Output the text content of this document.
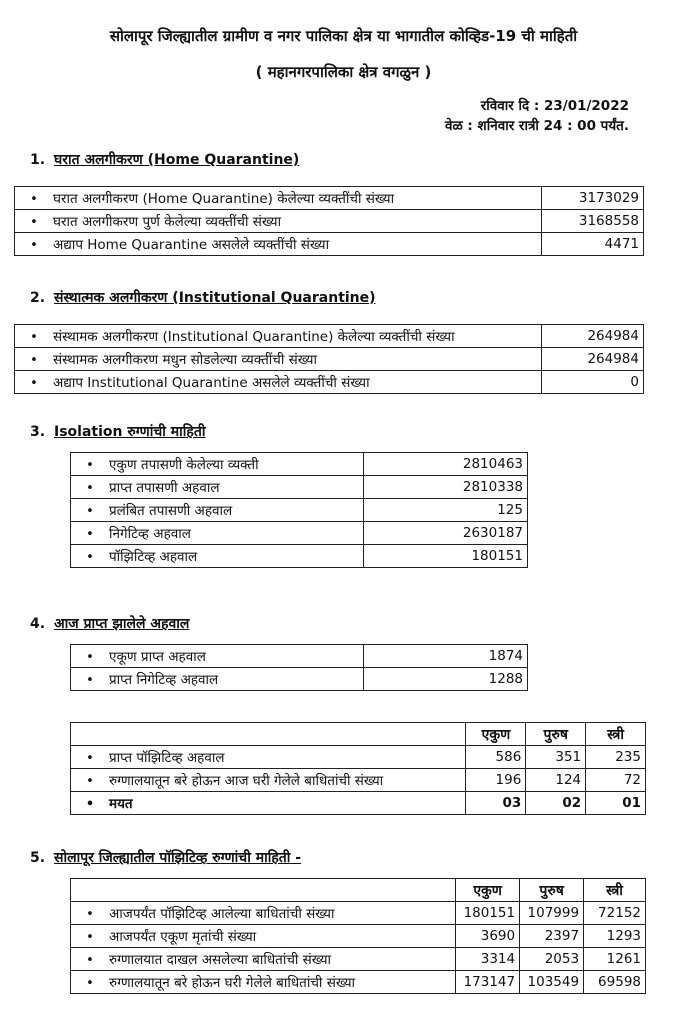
सोलापूर जिल्ह्यातील ग्रामीण व नगर पालिका क्षेत्र या भागातील कोव्हिड-19 ची माहिती
( महानगरपालिका क्षेत्र वगळुन )
रविवार दि : 23/01/2022
वेळ : शनिवार रात्री 24 : 00 पर्यंत.
1. घरात अलगीकरण (Home Quarantine)
• घरात अलगीकरण (Home Quarantine) केलेल्या व्यक्तींची संख्या	3173029
• घरात अलगीकरण पुर्ण केलेल्या व्यक्तींची संख्या	3168558
• अद्याप Home Quarantine असलेले व्यक्तींची संख्या	4471
2. संस्थात्मक अलगीकरण (Institutional Quarantine)
• संस्थामक अलगीकरण (Institutional Quarantine) केलेल्या व्यक्तींची संख्या	264984
• संस्थामक अलगीकरण मधुन सोडलेल्या व्यक्तींची संख्या	264984
• अद्याप Institutional Quarantine असलेले व्यक्तींची संख्या	0
3. Isolation रुग्णांची माहिती
• एकुण तपासणी केलेल्या व्यक्ती	2810463
• प्राप्त तपासणी अहवाल	2810338
• प्रलंबित तपासणी अहवाल	125
• निगेटिव्ह अहवाल	2630187
• पॉझिटिव्ह अहवाल	180151
4. आज प्राप्त झालेले अहवाल
• एकूण प्राप्त अहवाल	1874
• प्राप्त निगेटिव्ह अहवाल	1288
	एकुण	पुरुष	स्त्री
• प्राप्त पॉझिटिव्ह अहवाल	586	351	235
• रुग्णालयातून बरे होऊन आज घरी गेलेले बाधितांची संख्या	196	124	72
• मयत	03	02	01
5. सोलापूर जिल्ह्यातील पॉझिटिव्ह रुग्णांची माहिती -
	एकुण	पुरुष	स्त्री
• आजपर्यंत पॉझिटिव्ह आलेल्या बाधितांची संख्या	180151	107999	72152
• आजपर्यंत एकूण मृतांची संख्या	3690	2397	1293
• रुग्णालयात दाखल असलेल्या बाधितांची संख्या	3314	2053	1261
• रुग्णालयातून बरे होऊन घरी गेलेले बाधितांची संख्या	173147	103549	69598
